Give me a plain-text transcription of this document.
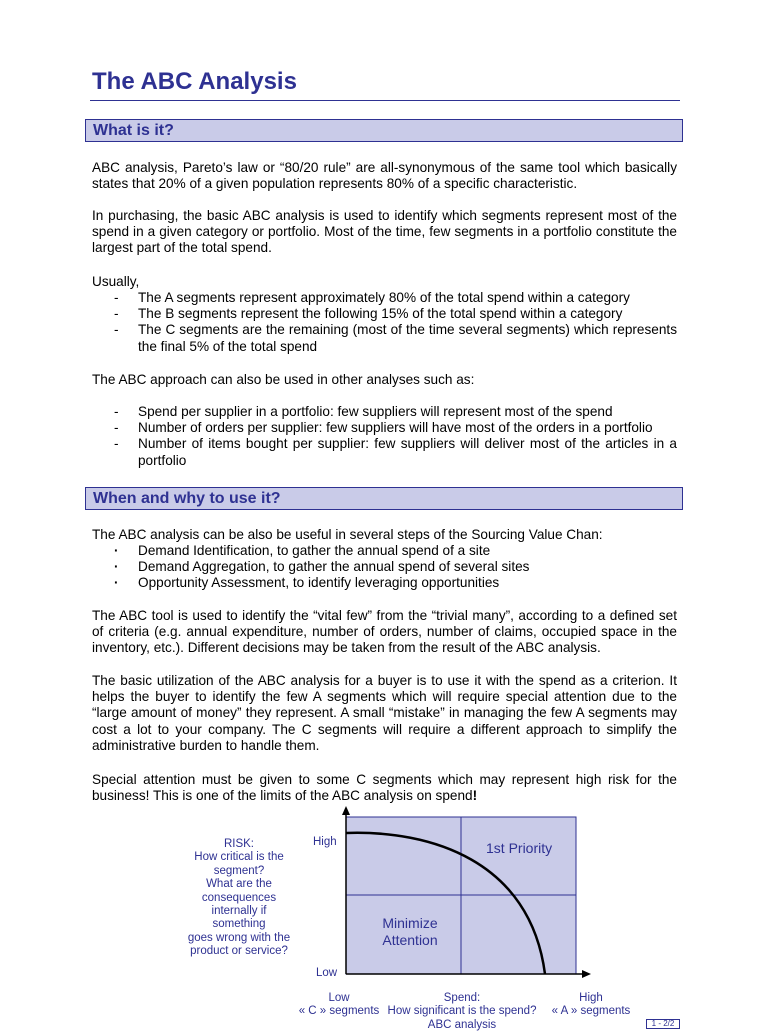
The ABC Analysis
What is it?

ABC analysis, Pareto’s law or “80/20 rule” are all-synonymous of the same tool which basically states that 20% of a given population represents 80% of a specific characteristic.

In purchasing, the basic ABC analysis is used to identify which segments represent most of the spend in a given category or portfolio. Most of the time, few segments in a portfolio constitute the largest part of the total spend.

Usually,

- The A segments represent approximately 80% of the total spend within a category
- The B segments represent the following 15% of the total spend within a category
- The C segments are the remaining (most of the time several segments) which represents the final 5% of the total spend

The ABC approach can also be used in other analyses such as:

- Spend per supplier in a portfolio: few suppliers will represent most of the spend
- Number of orders per supplier: few suppliers will have most of the orders in a portfolio
- Number of items bought per supplier: few suppliers will deliver most of the articles in a portfolio
When and why to use it?

The ABC analysis can be also be useful in several steps of the Sourcing Value Chan:

· Demand Identification, to gather the annual spend of a site
· Demand Aggregation, to gather the annual spend of several sites
· Opportunity Assessment, to identify leveraging opportunities

The ABC tool is used to identify the “vital few” from the “trivial many”, according to a defined set of criteria (e.g. annual expenditure, number of orders, number of claims, occupied space in the inventory, etc.). Different decisions may be taken from the result of the ABC analysis.

The basic utilization of the ABC analysis for a buyer is to use it with the spend as a criterion. It helps the buyer to identify the few A segments which will require special attention due to the “large amount of money” they represent. A small “mistake” in managing the few A segments may cost a lot to your company. The C segments will require a different approach to simplify the administrative burden to handle them.

Special attention must be given to some C segments which may represent high risk for the business! This is one of the limits of the ABC analysis on spend!

RISK:
How critical is the
segment?
What are the
consequences
internally if
something
goes wrong with the
product or service?
High
Low
1st Priority
Minimize
Attention
Low
« C » segments
Spend:
How significant is the spend?
ABC analysis
High
« A » segments
1 - 2/2
